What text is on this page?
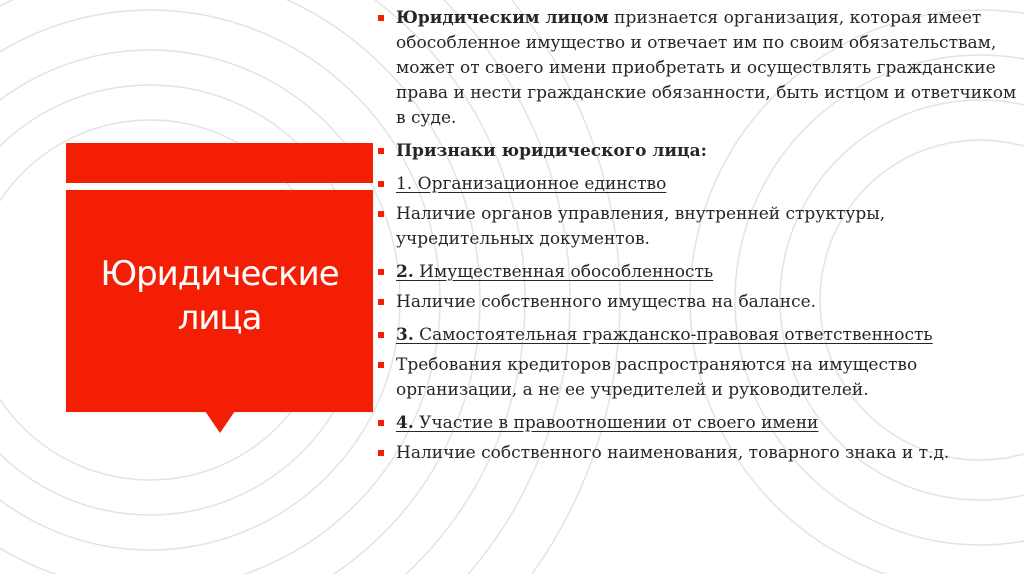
Юридические
лица
Юридическим лицом признается организация, которая имеет обособленное имущество и отвечает им по своим обязательствам, может от своего имени приобретать и осуществлять гражданские права и нести гражданские обязанности, быть истцом и ответчиком в суде.
Признаки юридического лица:
1. Организационное единство
Наличие органов управления, внутренней структуры, учредительных документов.
2. Имущественная обособленность
Наличие собственного имущества на балансе.
3. Самостоятельная гражданско-правовая ответственность
Требования кредиторов распространяются на имущество организации, а не ее учредителей и руководителей.
4. Участие в правоотношении от своего имени
Наличие собственного наименования, товарного знака и т.д.
